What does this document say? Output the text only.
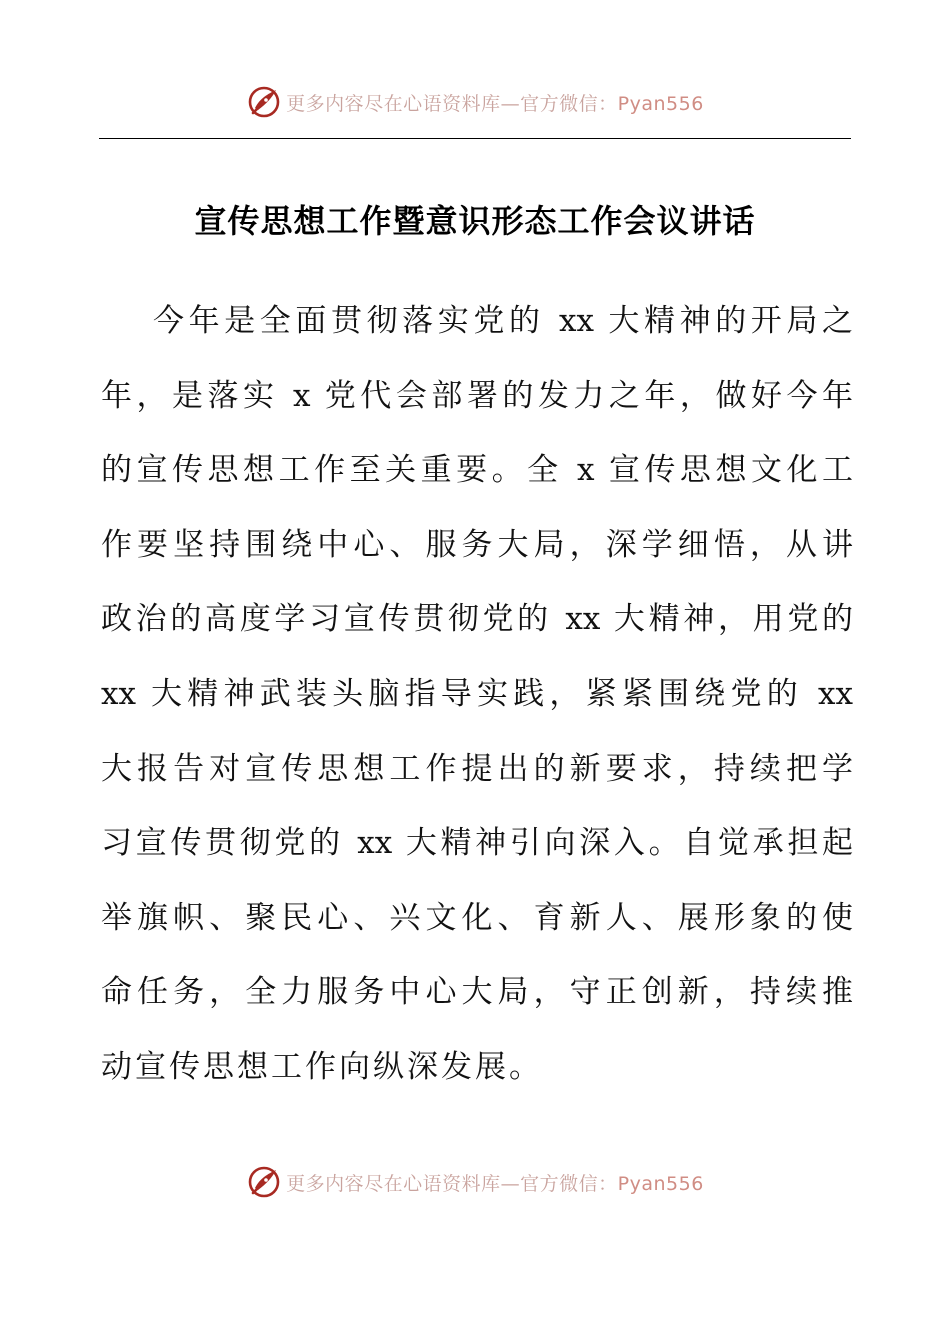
更多内容尽在心语资料库—官方微信：Pyan556
宣传思想工作暨意识形态工作会议讲话
今年是全面贯彻落实党的 xx 大精神的开局之
年，是落实 x 党代会部署的发力之年，做好今年
的宣传思想工作至关重要。全 x 宣传思想文化工
作要坚持围绕中心、服务大局，深学细悟，从讲
政治的高度学习宣传贯彻党的 xx 大精神，用党的
xx 大精神武装头脑指导实践，紧紧围绕党的 xx
大报告对宣传思想工作提出的新要求，持续把学
习宣传贯彻党的 xx 大精神引向深入。自觉承担起
举旗帜、聚民心、兴文化、育新人、展形象的使
命任务，全力服务中心大局，守正创新，持续推
动宣传思想工作向纵深发展。
更多内容尽在心语资料库—官方微信：Pyan556
